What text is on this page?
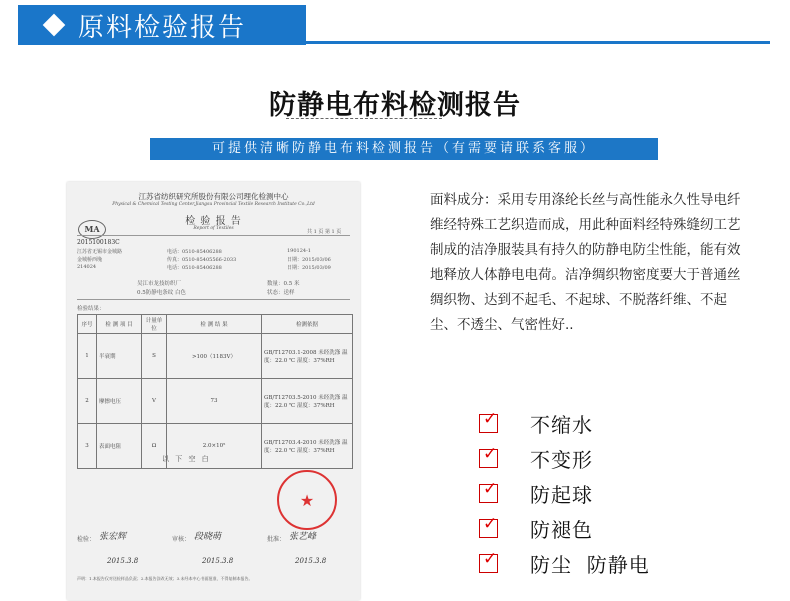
原料检验报告
防静电布料检测报告
可提供清晰防静电布料检测报告（有需要请联系客服）
江苏省纺织研究所股份有限公司理化检测中心
Physical & Chemical Testing Center,Jiangsu Provincial Textile Research Institute Co.,Ltd
MA
检 验 报 告
Report of Textiles
共 1 页 第 1 页
2015100183C
江苏省无锡市金城路
金城桥西堍
214024
电话：0510-85406288
传真：0510-85405566-2033
电话：0510-85406288
190124-1
日期：2015/03/06
日期：2015/03/09
吴江市龙技纺织厂
0.5防静电条纹 白色
数量：0.5 米
状态：送样
检验结果：
序号	检 测 项 目	计量单位	检 测 结 果	检测依据
1	半衰期	S	>100（1183V）	GB/T12703.1-2008 未经洗涤 温度：22.0 ℃ 湿度：37%RH
2	摩擦电压	V	73	GB/T12703.5-2010 未经洗涤 温度：22.0 ℃ 湿度：37%RH
3	表面电阻	Ω	2.0×10⁵	GB/T12703.4-2010 未经洗涤 温度：22.0 ℃ 湿度：37%RH
以 下 空 白
★
检验： 张宏辉	审核： 段晓萌	批准： 张艺峰
2015.3.8	2015.3.8	2015.3.8
声明：1.本报告仅对送检样品负责；2.本报告涂改无效；3.未经本中心书面批准，不得复制本报告。
面料成分：采用专用涤纶长丝与高性能永久性导电纤维经特殊工艺织造而成，用此种面料经特殊缝纫工艺制成的洁净服装具有持久的防静电防尘性能，能有效地释放人体静电电荷。洁净绸织物密度要大于普通丝绸织物、达到不起毛、不起球、不脱落纤维、不起尘、不透尘、气密性好..
✓ 不缩水
✓ 不变形
✓ 防起球
✓ 防褪色
✓ 防尘  防静电
